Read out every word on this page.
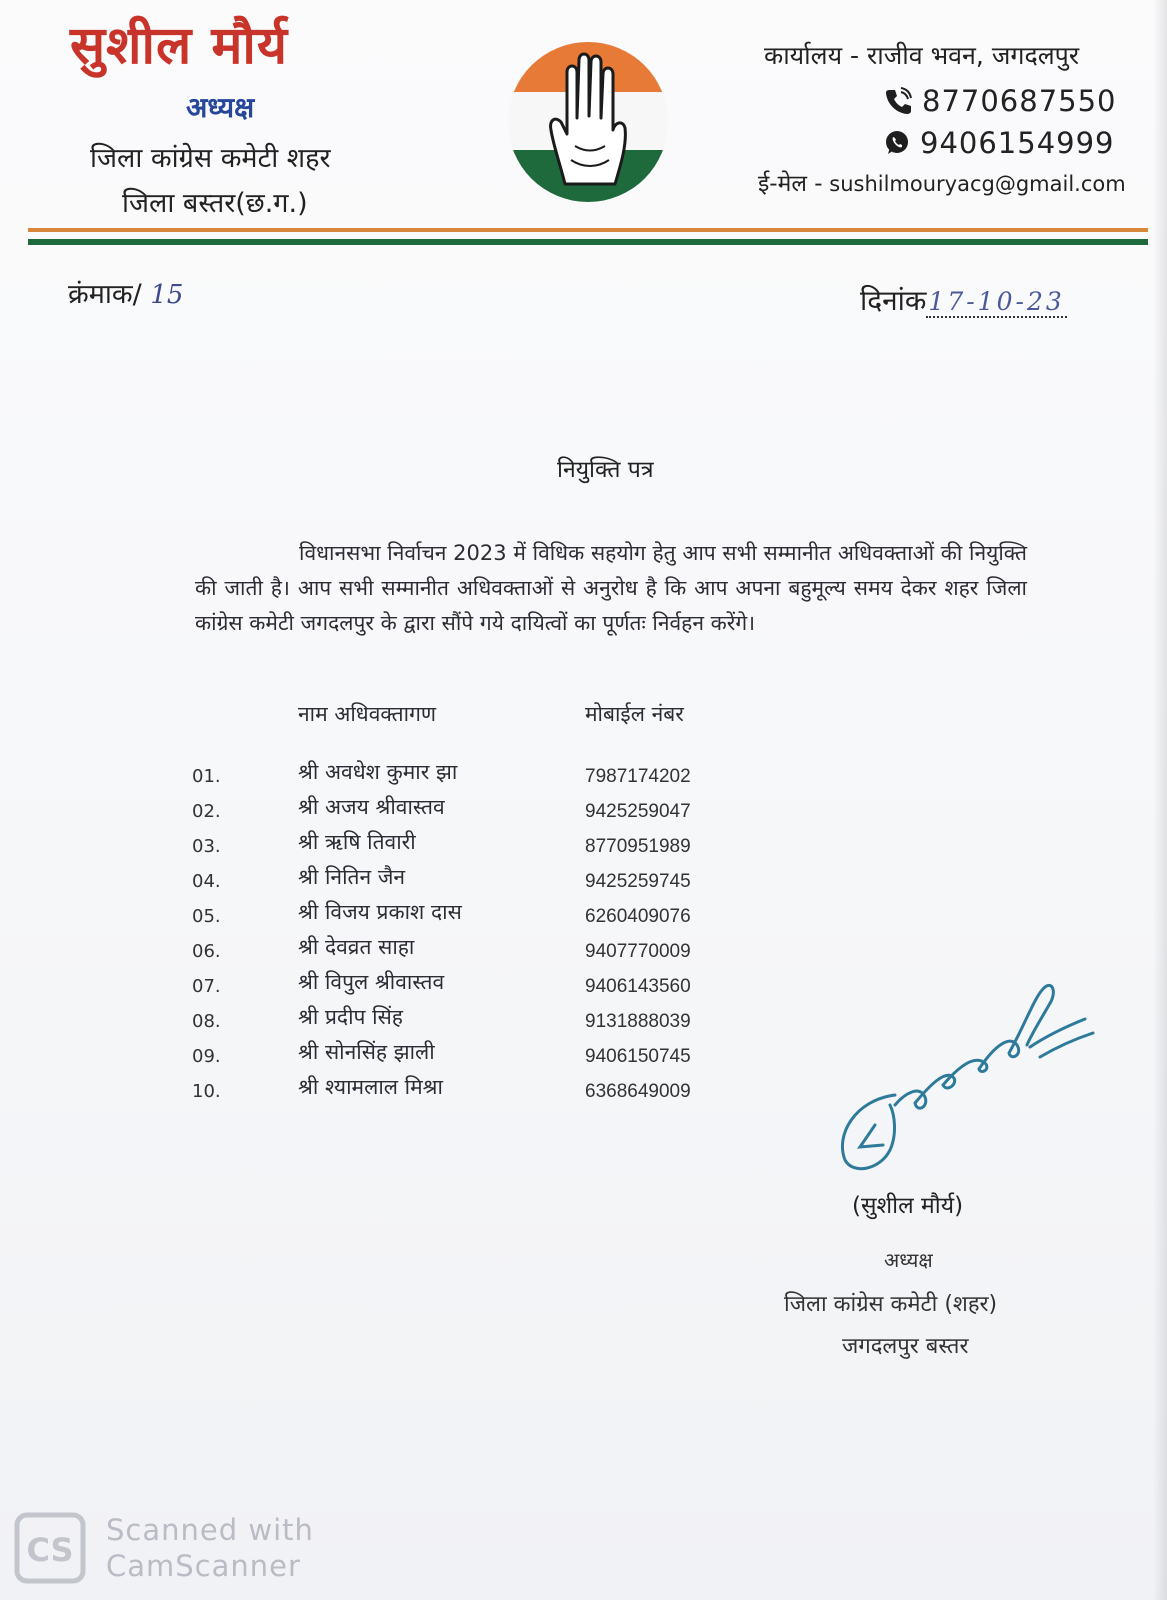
सुशील मौर्य
अध्यक्ष
जिला कांग्रेस कमेटी शहर
जिला बस्तर(छ.ग.)
कार्यालय - राजीव भवन, जगदलपुर
8770687550
9406154999
ई-मेल - sushilmouryacg@gmail.com
क्रंमाक/ 15	दिनांक17-10-23
नियुक्ति पत्र
विधानसभा निर्वाचन 2023 में विधिक सहयोग हेतु आप सभी सम्मानीत अधिवक्ताओं की नियुक्ति की जाती है। आप सभी सम्मानीत अधिवक्ताओं से अनुरोध है कि आप अपना बहुमूल्य समय देकर शहर जिला कांग्रेस कमेटी जगदलपुर के द्वारा सौंपे गये दायित्वों का पूर्णतः निर्वहन करेंगे।
नाम अधिवक्तागण	मोबाईल नंबर
01.	श्री अवधेश कुमार झा	7987174202
02.	श्री अजय श्रीवास्तव	9425259047
03.	श्री ऋषि तिवारी	8770951989
04.	श्री नितिन जैन	9425259745
05.	श्री विजय प्रकाश दास	6260409076
06.	श्री देवव्रत साहा	9407770009
07.	श्री विपुल श्रीवास्तव	9406143560
08.	श्री प्रदीप सिंह	9131888039
09.	श्री सोनसिंह झाली	9406150745
10.	श्री श्यामलाल मिश्रा	6368649009
(सुशील मौर्य)
अध्यक्ष
जिला कांग्रेस कमेटी (शहर)
जगदलपुर बस्तर
CS
Scanned with
CamScanner
